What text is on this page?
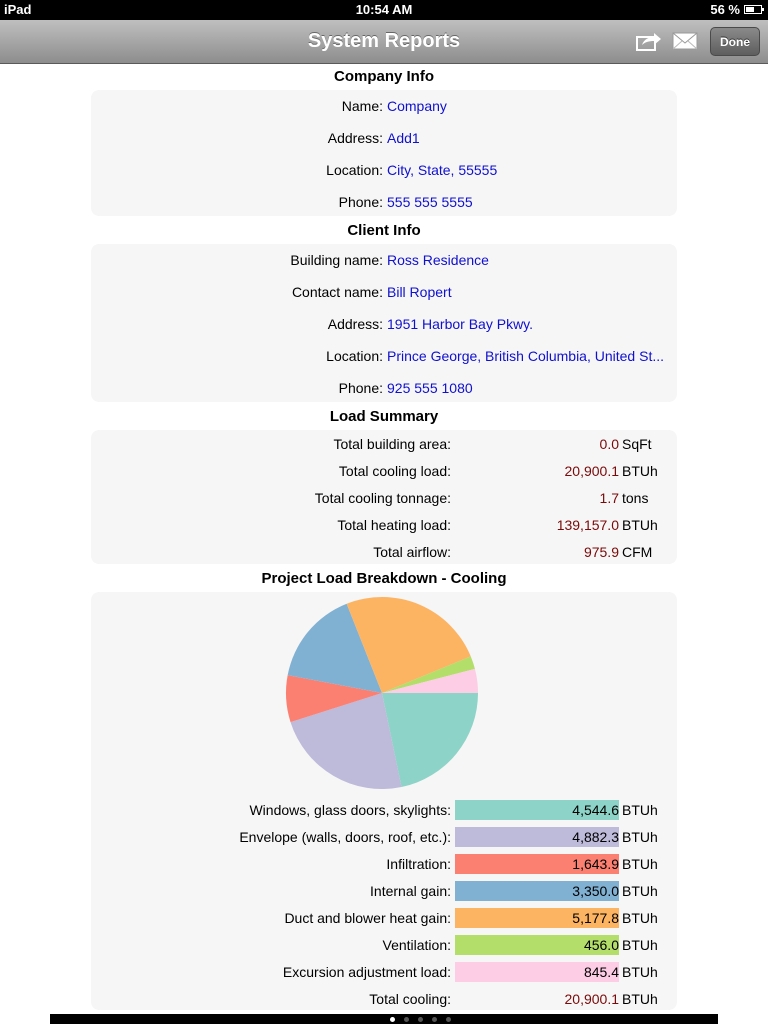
iPad	10:54 AM	56 %
System Reports	Done
Company Info
Name: Company
Address: Add1
Location: City, State, 55555
Phone: 555 555 5555
Client Info
Building name: Ross Residence
Contact name: Bill Ropert
Address: 1951 Harbor Bay Pkwy.
Location: Prince George, British Columbia, United St...
Phone: 925 555 1080
Load Summary
Total building area:	0.0 SqFt
Total cooling load:	20,900.1 BTUh
Total cooling tonnage:	1.7 tons
Total heating load:	139,157.0 BTUh
Total airflow:	975.9 CFM
Project Load Breakdown - Cooling
Windows, glass doors, skylights:	4,544.6 BTUh
Envelope (walls, doors, roof, etc.):	4,882.3 BTUh
Infiltration:	1,643.9 BTUh
Internal gain:	3,350.0 BTUh
Duct and blower heat gain:	5,177.8 BTUh
Ventilation:	456.0 BTUh
Excursion adjustment load:	845.4 BTUh
Total cooling:	20,900.1 BTUh
